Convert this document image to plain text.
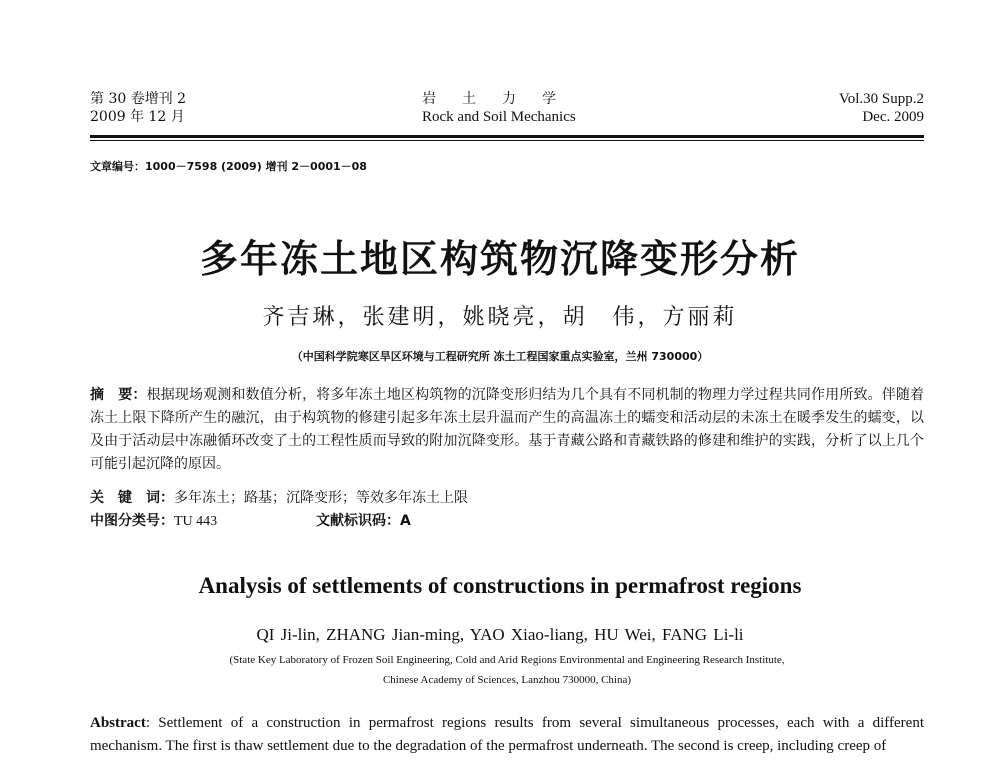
第 30 卷增刊 2
2009 年 12 月
岩　土　力　学
Rock and Soil Mechanics
Vol.30 Supp.2
Dec. 2009
文章编号：1000－7598 (2009) 增刊 2－0001－08
多年冻土地区构筑物沉降变形分析
齐吉琳，张建明，姚晓亮，胡　伟，方丽莉
（中国科学院寒区旱区环境与工程研究所 冻土工程国家重点实验室，兰州 730000）
摘　要：根据现场观测和数值分析，将多年冻土地区构筑物的沉降变形归结为几个具有不同机制的物理力学过程共同作用所致。伴随着冻土上限下降所产生的融沉，由于构筑物的修建引起多年冻土层升温而产生的高温冻土的蠕变和活动层的未冻土在暖季发生的蠕变，以及由于活动层中冻融循环改变了土的工程性质而导致的附加沉降变形。基于青藏公路和青藏铁路的修建和维护的实践，分析了以上几个可能引起沉降的原因。
关　键　词：多年冻土；路基；沉降变形；等效多年冻土上限
中图分类号：TU 443	文献标识码：A
Analysis of settlements of constructions in permafrost regions
QI Ji-lin, ZHANG Jian-ming, YAO Xiao-liang, HU Wei, FANG Li-li
(State Key Laboratory of Frozen Soil Engineering, Cold and Arid Regions Environmental and Engineering Research Institute,
Chinese Academy of Sciences, Lanzhou 730000, China)
Abstract: Settlement of a construction in permafrost regions results from several simultaneous processes, each with a different mechanism. The first is thaw settlement due to the degradation of the permafrost underneath. The second is creep, including creep of
